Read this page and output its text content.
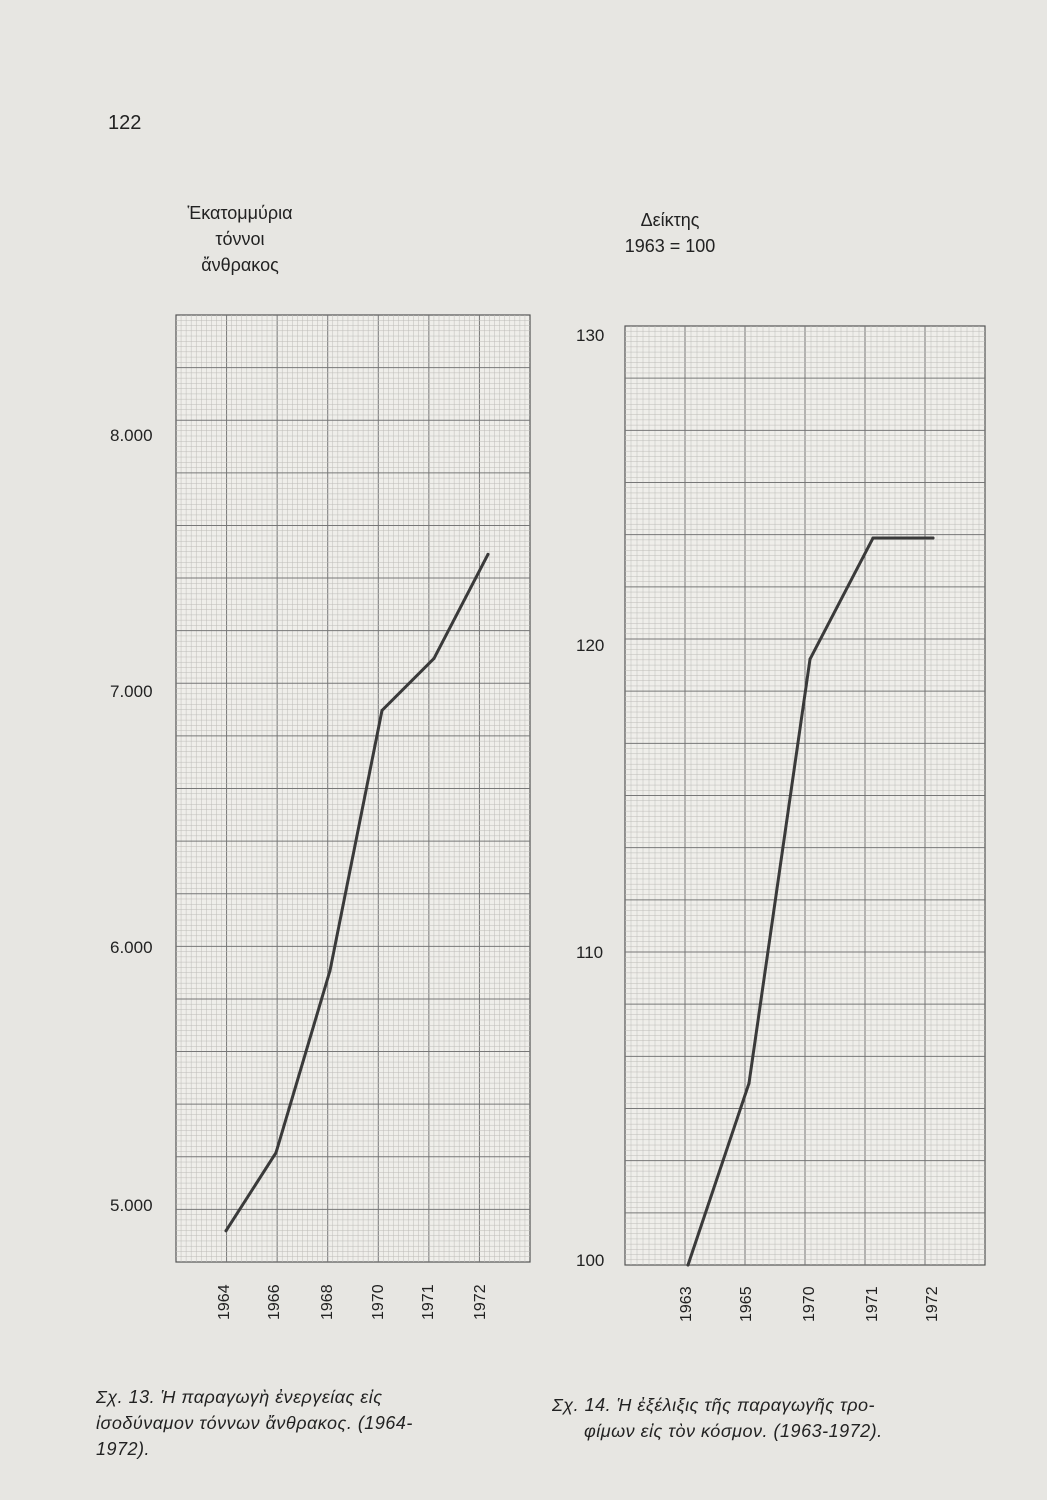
122
Ἑκατομμύρια
τόννοι
ἄνθρακος
8.000
7.000
6.000
5.000
1964 1966 1968 1970 1971 1972
Σχ. 13. Ἡ παραγωγὴ ἐνεργείας εἰς
ἰσοδύναμον τόννων ἄνθρακος. (1964-
1972).
Δείκτης
1963 = 100
130
120
110
100
1963	1965	1970	1971	1972
Σχ. 14. Ἡ ἐξέλιξις τῆς παραγωγῆς τρο-
φίμων εἰς τὸν κόσμον. (1963-1972).
